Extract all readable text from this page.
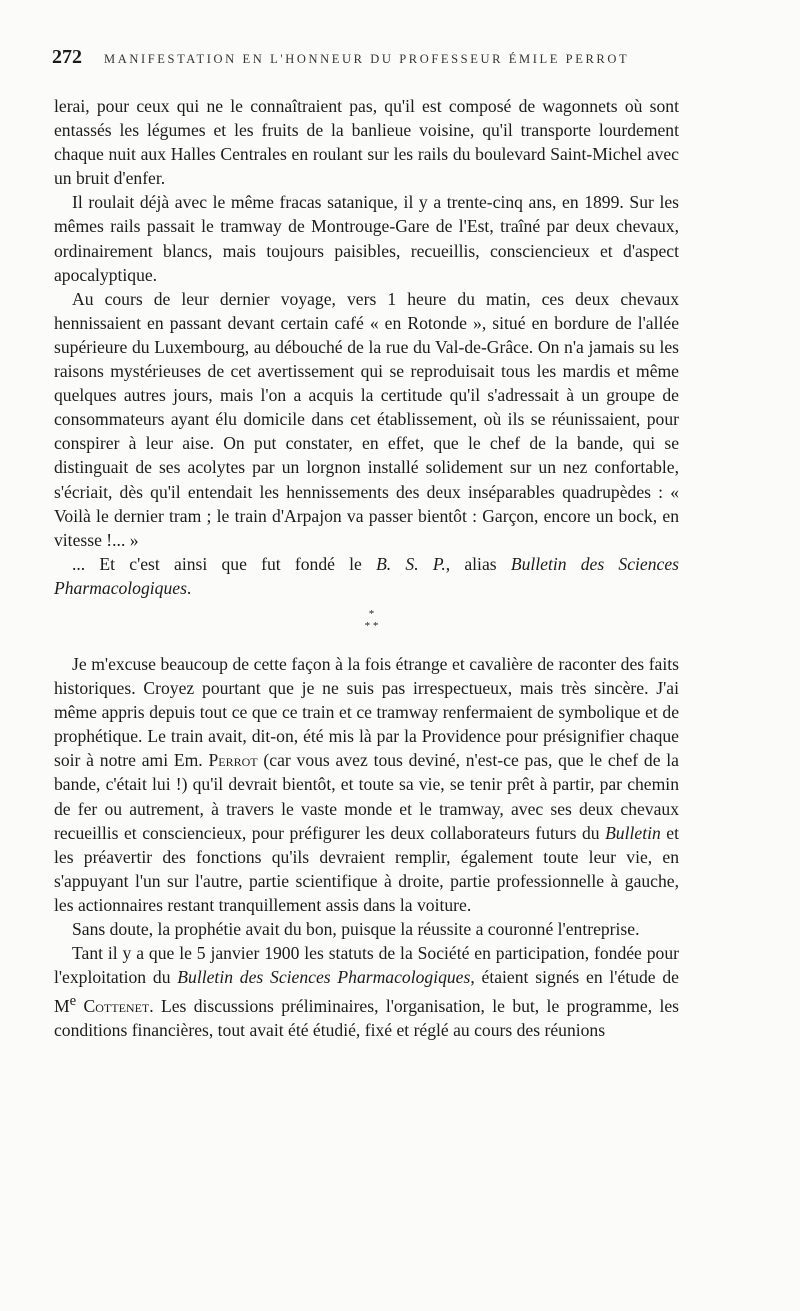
272 MANIFESTATION EN L'HONNEUR DU PROFESSEUR ÉMILE PERROT

lerai, pour ceux qui ne le connaîtraient pas, qu'il est composé de wagonnets où sont entassés les légumes et les fruits de la banlieue voisine, qu'il transporte lourdement chaque nuit aux Halles Centrales en roulant sur les rails du boulevard Saint-Michel avec un bruit d'enfer.

Il roulait déjà avec le même fracas satanique, il y a trente-cinq ans, en 1899. Sur les mêmes rails passait le tramway de Montrouge-Gare de l'Est, traîné par deux chevaux, ordinairement blancs, mais toujours paisibles, recueillis, consciencieux et d'aspect apocalyptique.

Au cours de leur dernier voyage, vers 1 heure du matin, ces deux chevaux hennissaient en passant devant certain café « en Rotonde », situé en bordure de l'allée supérieure du Luxembourg, au débouché de la rue du Val-de-Grâce. On n'a jamais su les raisons mystérieuses de cet avertissement qui se reproduisait tous les mardis et même quelques autres jours, mais l'on a acquis la certitude qu'il s'adressait à un groupe de consommateurs ayant élu domicile dans cet établissement, où ils se réunissaient, pour conspirer à leur aise. On put constater, en effet, que le chef de la bande, qui se distinguait de ses acolytes par un lorgnon installé solidement sur un nez confortable, s'écriait, dès qu'il entendait les hennissements des deux inséparables quadrupèdes : « Voilà le dernier tram ; le train d'Arpajon va passer bientôt : Garçon, encore un bock, en vitesse !... »

... Et c'est ainsi que fut fondé le B. S. P., alias Bulletin des Sciences Pharmacologiques.

*
* *

Je m'excuse beaucoup de cette façon à la fois étrange et cavalière de raconter des faits historiques. Croyez pourtant que je ne suis pas irrespectueux, mais très sincère. J'ai même appris depuis tout ce que ce train et ce tramway renfermaient de symbolique et de prophétique. Le train avait, dit-on, été mis là par la Providence pour présignifier chaque soir à notre ami Em. Perrot (car vous avez tous deviné, n'est-ce pas, que le chef de la bande, c'était lui !) qu'il devrait bientôt, et toute sa vie, se tenir prêt à partir, par chemin de fer ou autrement, à travers le vaste monde et le tramway, avec ses deux chevaux recueillis et consciencieux, pour préfigurer les deux collaborateurs futurs du Bulletin et les préavertir des fonctions qu'ils devraient remplir, également toute leur vie, en s'appuyant l'un sur l'autre, partie scientifique à droite, partie professionnelle à gauche, les actionnaires restant tranquillement assis dans la voiture.

Sans doute, la prophétie avait du bon, puisque la réussite a couronné l'entreprise.

Tant il y a que le 5 janvier 1900 les statuts de la Société en participation, fondée pour l'exploitation du Bulletin des Sciences Pharmacologiques, étaient signés en l'étude de Me Cottenet. Les discussions préliminaires, l'organisation, le but, le programme, les conditions financières, tout avait été étudié, fixé et réglé au cours des réunions
